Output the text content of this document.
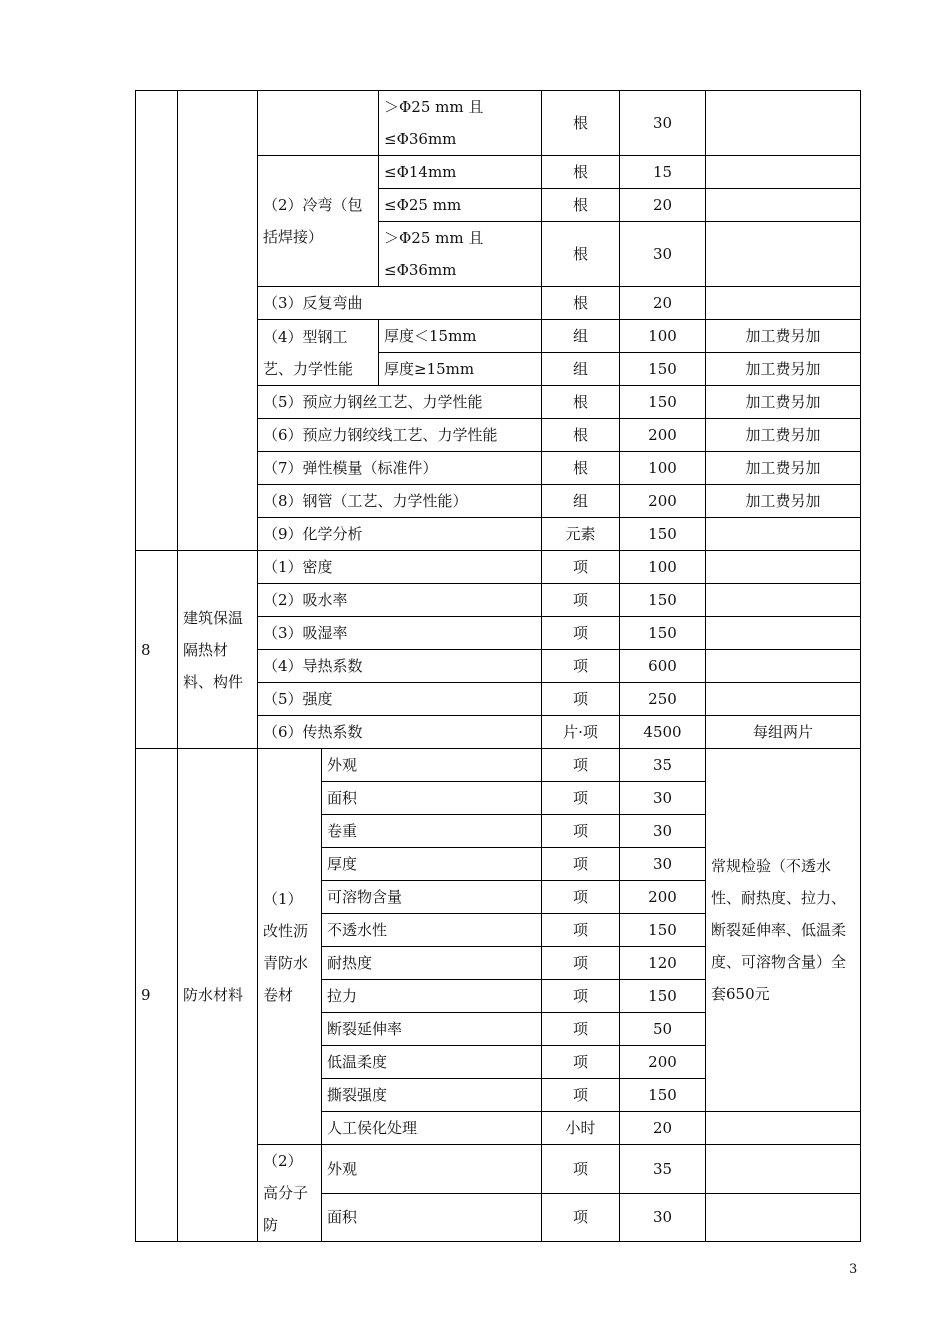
				＞Φ25 mm 且≤Φ36mm	根	30	
		（2）冷弯（包括焊接）		≤Φ14mm	根	15	
				≤Φ25 mm	根	20	
				＞Φ25 mm 且≤Φ36mm	根	30	
		（3）反复弯曲			根	20	
		（4）型钢工艺、力学性能		厚度＜15mm	组	100	加工费另加
				厚度≥15mm	组	150	加工费另加
		（5）预应力钢丝工艺、力学性能			根	150	加工费另加
		（6）预应力钢绞线工艺、力学性能			根	200	加工费另加
		（7）弹性模量（标准件）			根	100	加工费另加
		（8）钢管（工艺、力学性能）			组	200	加工费另加
		（9）化学分析			元素	150	
8	建筑保温隔热材料、构件	（1）密度			项	100	
		（2）吸水率			项	150	
		（3）吸湿率			项	150	
		（4）导热系数			项	600	
		（5）强度			项	250	
		（6）传热系数			片·项	4500	每组两片
9	防水材料	（1）改性沥青防水卷材	外观		项	35	常规检验（不透水性、耐热度、拉力、断裂延伸率、低温柔度、可溶物含量）全套650元
			面积		项	30	
			卷重		项	30	
			厚度		项	30	
			可溶物含量		项	200	
			不透水性		项	150	
			耐热度		项	120	
			拉力		项	150	
			断裂延伸率		项	50	
			低温柔度		项	200	
			撕裂强度		项	150	
			人工侯化处理		小时	20	
		（2）高分子防	外观		项	35	
			面积		项	30	
3
